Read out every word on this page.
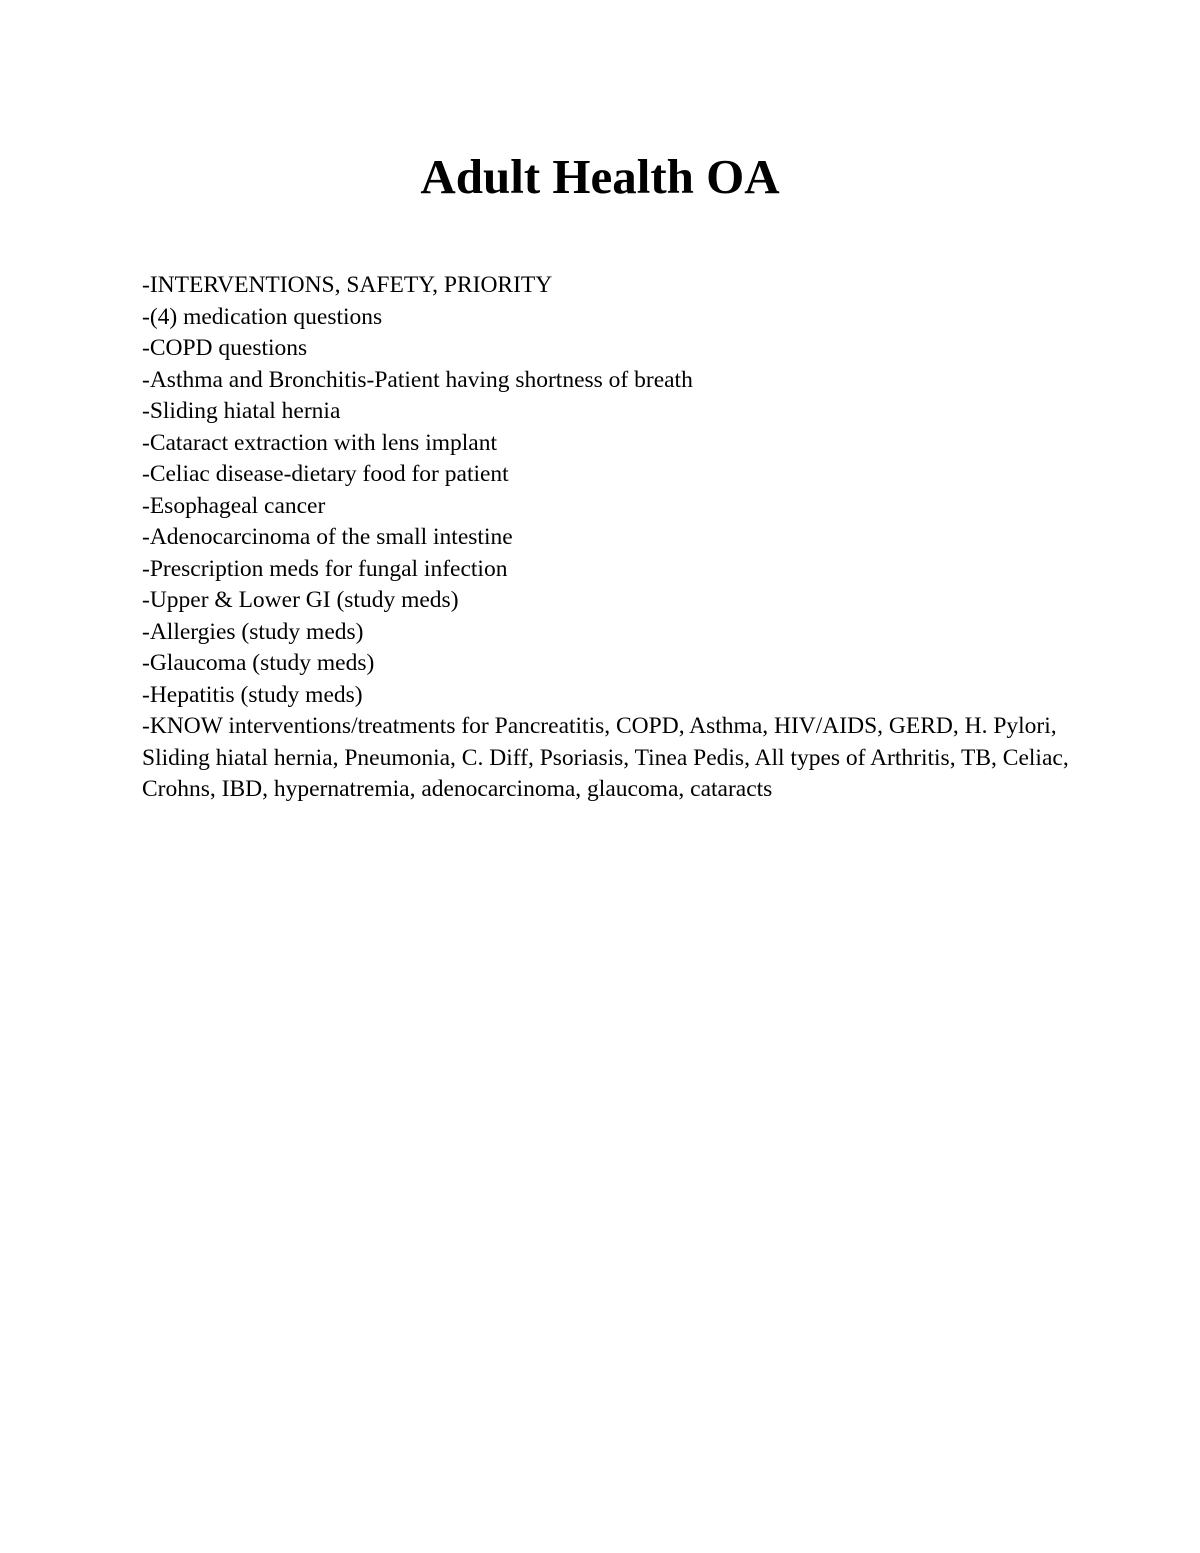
Adult Health OA
-INTERVENTIONS, SAFETY, PRIORITY
-(4) medication questions
-COPD questions
-Asthma and Bronchitis-Patient having shortness of breath
-Sliding hiatal hernia
-Cataract extraction with lens implant
-Celiac disease-dietary food for patient
-Esophageal cancer
-Adenocarcinoma of the small intestine
-Prescription meds for fungal infection
-Upper & Lower GI (study meds)
-Allergies (study meds)
-Glaucoma (study meds)
-Hepatitis (study meds)
-KNOW interventions/treatments for Pancreatitis, COPD, Asthma, HIV/AIDS, GERD, H. Pylori, Sliding hiatal hernia, Pneumonia, C. Diff, Psoriasis, Tinea Pedis, All types of Arthritis, TB, Celiac, Crohns, IBD, hypernatremia, adenocarcinoma, glaucoma, cataracts
